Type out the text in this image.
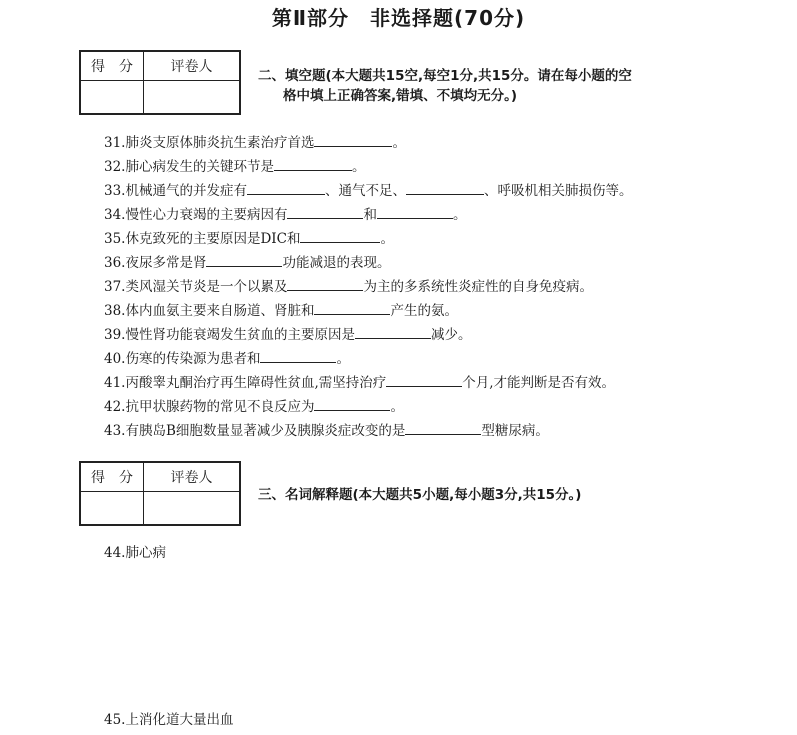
第Ⅱ部分　非选择题(70分)
得　分	评卷人

二、填空题(本大题共15空,每空1分,共15分。请在每小题的空
格中填上正确答案,错填、不填均无分。)
31.肺炎支原体肺炎抗生素治疗首选	。
32.肺心病发生的关键环节是	。
33.机械通气的并发症有	、通气不足、	、呼吸机相关肺损伤等。
34.慢性心力衰竭的主要病因有	和	。
35.休克致死的主要原因是DIC和	。
36.夜尿多常是肾	功能减退的表现。
37.类风湿关节炎是一个以累及	为主的多系统性炎症性的自身免疫病。
38.体内血氨主要来自肠道、肾脏和	产生的氨。
39.慢性肾功能衰竭发生贫血的主要原因是	减少。
40.伤寒的传染源为患者和	。
41.丙酸睾丸酮治疗再生障碍性贫血,需坚持治疗	个月,才能判断是否有效。
42.抗甲状腺药物的常见不良反应为	。
43.有胰岛B细胞数量显著减少及胰腺炎症改变的是	型糖尿病。
得　分	评卷人

三、名词解释题(本大题共5小题,每小题3分,共15分。)
44.肺心病
45.上消化道大量出血
